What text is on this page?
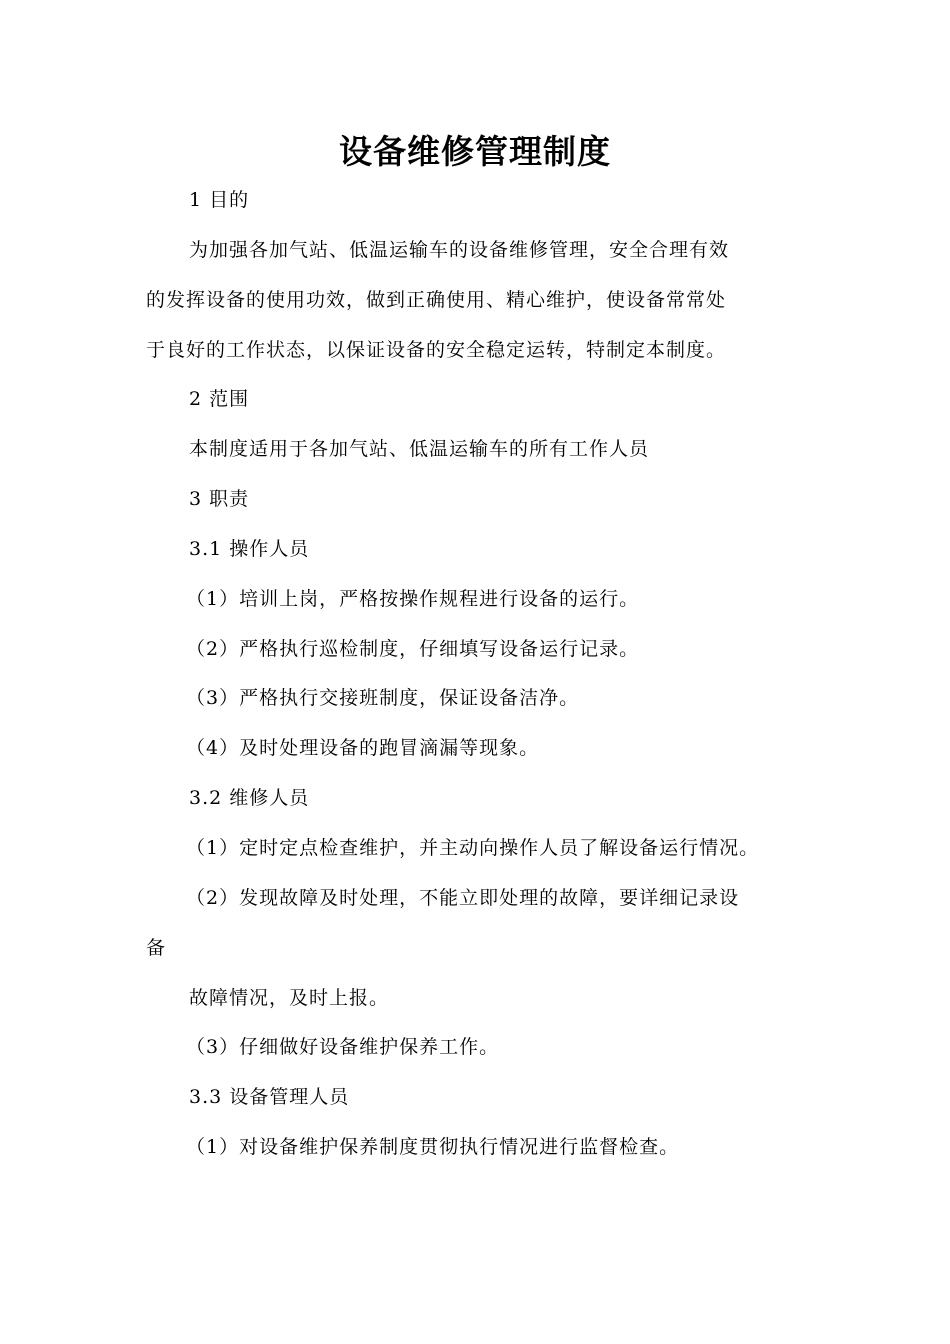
设备维修管理制度
1 目的
为加强各加气站、低温运输车的设备维修管理，安全合理有效
的发挥设备的使用功效，做到正确使用、精心维护，使设备常常处
于良好的工作状态，以保证设备的安全稳定运转，特制定本制度。
2 范围
本制度适用于各加气站、低温运输车的所有工作人员
3 职责
3.1 操作人员
（1）培训上岗，严格按操作规程进行设备的运行。
（2）严格执行巡检制度，仔细填写设备运行记录。
（3）严格执行交接班制度，保证设备洁净。
（4）及时处理设备的跑冒滴漏等现象。
3.2 维修人员
（1）定时定点检查维护，并主动向操作人员了解设备运行情况。
（2）发现故障及时处理，不能立即处理的故障，要详细记录设
备
故障情况，及时上报。
（3）仔细做好设备维护保养工作。
3.3 设备管理人员
（1）对设备维护保养制度贯彻执行情况进行监督检查。
